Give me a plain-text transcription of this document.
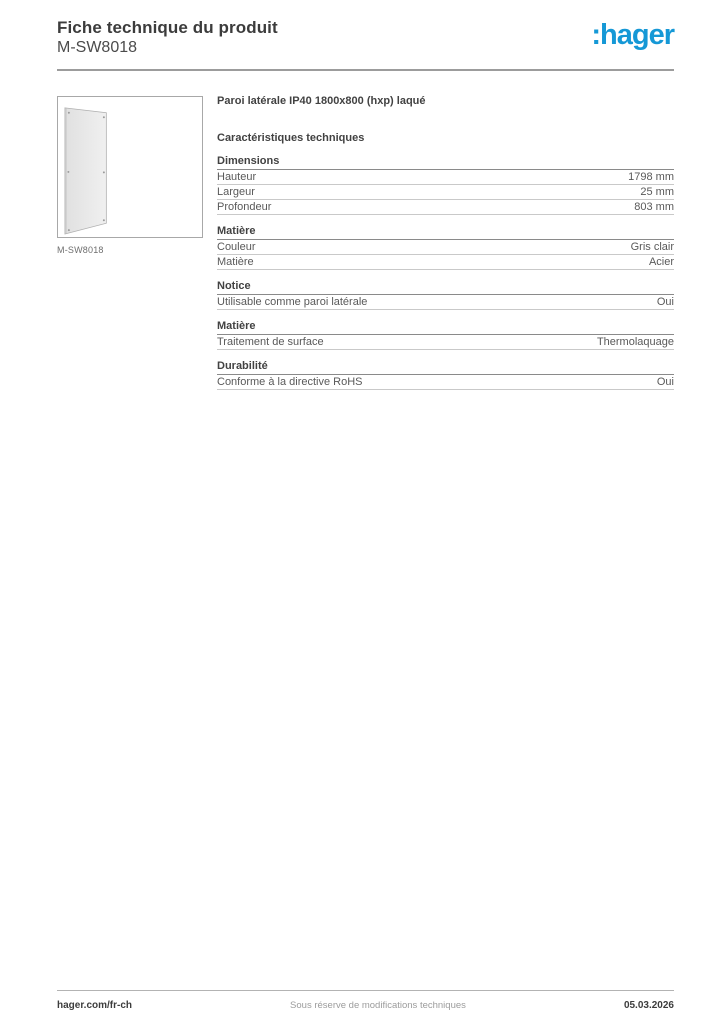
Fiche technique du produit
M-SW8018	:hager
M-SW8018
Paroi latérale IP40 1800x800 (hxp) laqué
Caractéristiques techniques
Dimensions
Hauteur	1798 mm
Largeur	25 mm
Profondeur	803 mm
Matière
Couleur	Gris clair
Matière	Acier
Notice
Utilisable comme paroi latérale	Oui
Matière
Traitement de surface	Thermolaquage
Durabilité
Conforme à la directive RoHS	Oui
hager.com/fr-ch	Sous réserve de modifications techniques	05.03.2026
